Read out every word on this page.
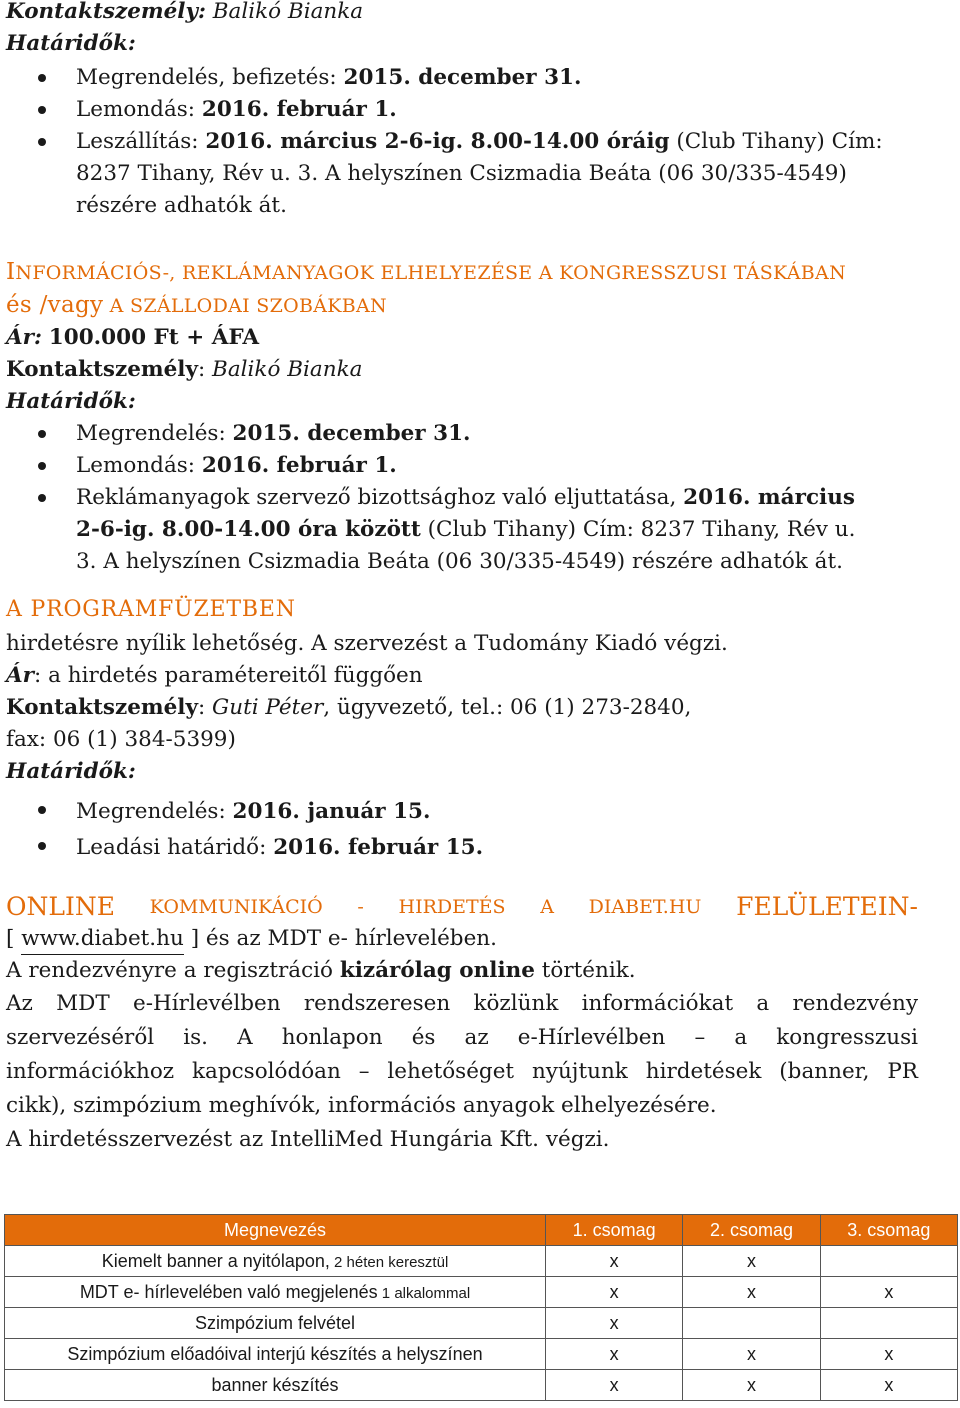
Kontaktszemély: Balikó Bianka
Határidők:
Megrendelés, befizetés: 2015. december 31.
Lemondás: 2016. február 1.
Leszállítás: 2016. március 2-6-ig. 8.00-14.00 óráig (Club Tihany) Cím:
8237 Tihany, Rév u. 3. A helyszínen Csizmadia Beáta (06 30/335-4549)
részére adhatók át.
INFORMÁCIÓS-, REKLÁMANYAGOK ELHELYEZÉSE A KONGRESSZUSI TÁSKÁBAN
és /vagy A SZÁLLODAI SZOBÁKBAN
Ár: 100.000 Ft + ÁFA
Kontaktszemély: Balikó Bianka
Határidők:
Megrendelés: 2015. december 31.
Lemondás: 2016. február 1.
Reklámanyagok szervező bizottsághoz való eljuttatása, 2016. március
2-6-ig. 8.00-14.00 óra között (Club Tihany) Cím: 8237 Tihany, Rév u.
3. A helyszínen Csizmadia Beáta (06 30/335-4549) részére adhatók át.
A PROGRAMFÜZETBEN
hirdetésre nyílik lehetőség. A szervezést a Tudomány Kiadó végzi.
Ár: a hirdetés paramétereitől függően
Kontaktszemély: Guti Péter, ügyvezető, tel.: 06 (1) 273-2840,
fax: 06 (1) 384-5399)
Határidők:
Megrendelés: 2016. január 15.
Leadási határidő: 2016. február 15.
ONLINE KOMMUNIKÁCIÓ - HIRDETÉS A DIABET.HU FELÜLETEIN-
[ www.diabet.hu ] és az MDT e- hírlevelében.
A rendezvényre a regisztráció kizárólag online történik.
Az MDT e-Hírlevélben rendszeresen közlünk információkat a rendezvény
szervezéséről is. A honlapon és az e-Hírlevélben – a kongresszusi
információkhoz kapcsolódóan – lehetőséget nyújtunk hirdetések (banner, PR
cikk), szimpózium meghívók, információs anyagok elhelyezésére.
A hirdetésszervezést az IntelliMed Hungária Kft. végzi.
Megnevezés	1. csomag	2. csomag	3. csomag
Kiemelt banner a nyitólapon, 2 héten keresztül	x	x	
MDT e- hírlevelében való megjelenés 1 alkalommal	x	x	x
Szimpózium felvétel	x		
Szimpózium előadóival interjú készítés a helyszínen	x	x	x
banner készítés	x	x	x
